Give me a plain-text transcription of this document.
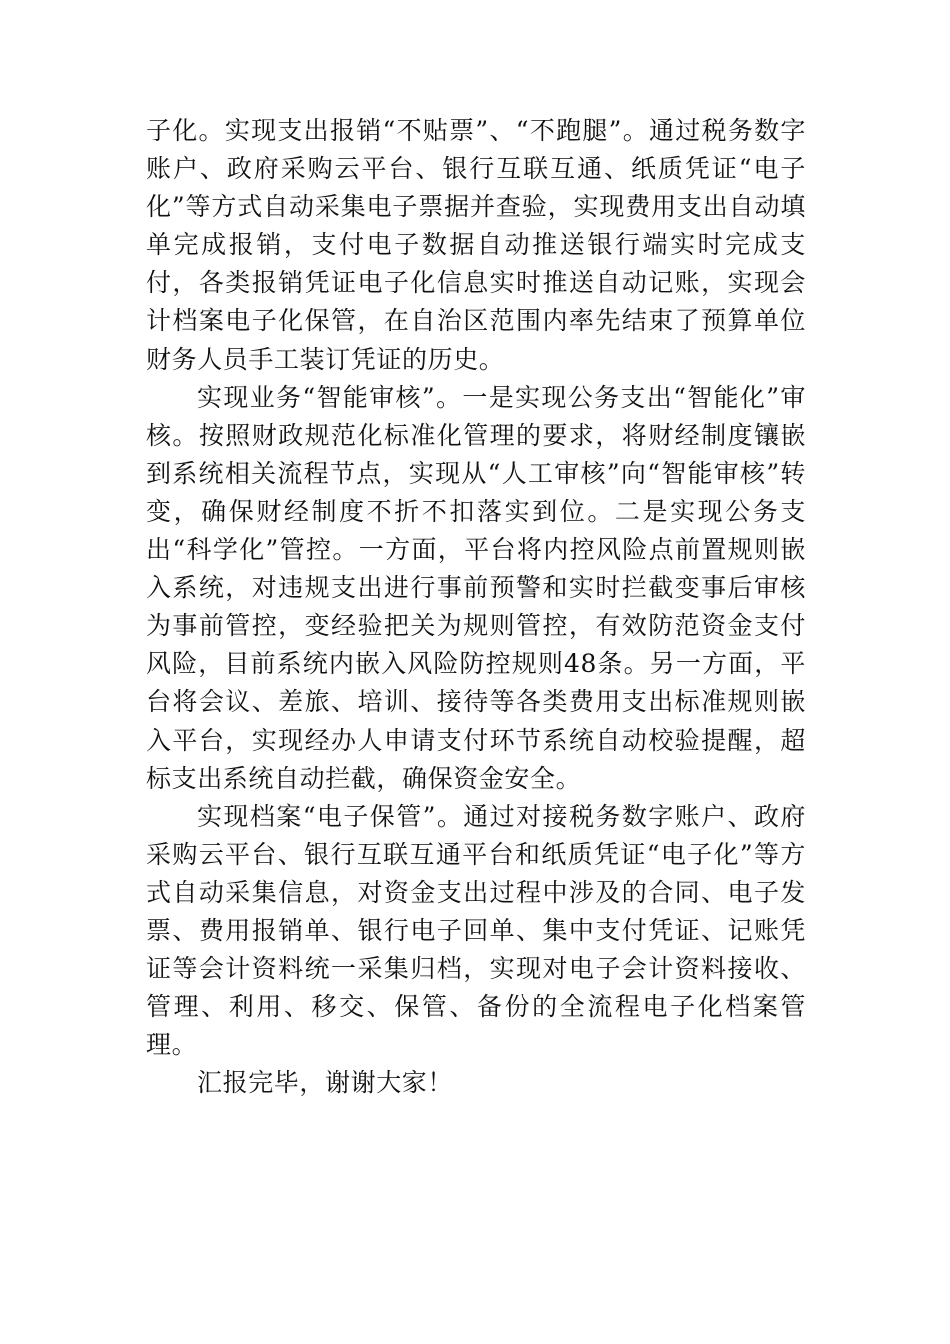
子化。实现支出报销“不贴票”、“不跑腿”。通过税务数字账户、政府采购云平台、银行互联互通、纸质凭证“电子化”等方式自动采集电子票据并查验，实现费用支出自动填单完成报销，支付电子数据自动推送银行端实时完成支付，各类报销凭证电子化信息实时推送自动记账，实现会计档案电子化保管，在自治区范围内率先结束了预算单位财务人员手工装订凭证的历史。

实现业务“智能审核”。一是实现公务支出“智能化”审核。按照财政规范化标准化管理的要求，将财经制度镶嵌到系统相关流程节点，实现从“人工审核”向“智能审核”转变，确保财经制度不折不扣落实到位。二是实现公务支出“科学化”管控。一方面，平台将内控风险点前置规则嵌入系统，对违规支出进行事前预警和实时拦截变事后审核为事前管控，变经验把关为规则管控，有效防范资金支付风险，目前系统内嵌入风险防控规则48条。另一方面，平台将会议、差旅、培训、接待等各类费用支出标准规则嵌入平台，实现经办人申请支付环节系统自动校验提醒，超标支出系统自动拦截，确保资金安全。

实现档案“电子保管”。通过对接税务数字账户、政府采购云平台、银行互联互通平台和纸质凭证“电子化”等方式自动采集信息，对资金支出过程中涉及的合同、电子发票、费用报销单、银行电子回单、集中支付凭证、记账凭证等会计资料统一采集归档，实现对电子会计资料接收、管理、利用、移交、保管、备份的全流程电子化档案管理。

汇报完毕，谢谢大家！
